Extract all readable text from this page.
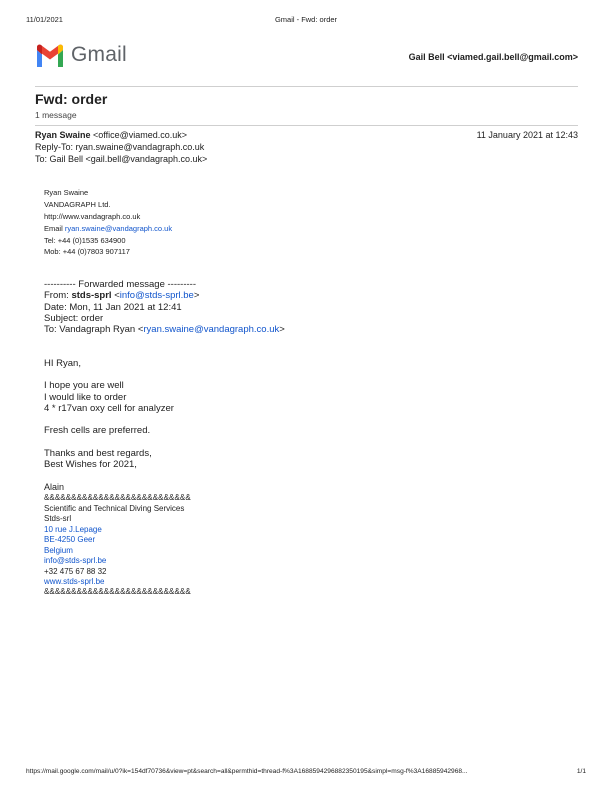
11/01/2021	Gmail - Fwd: order
Gmail	Gail Bell <viamed.gail.bell@gmail.com>
Fwd: order
1 message
Ryan Swaine <office@viamed.co.uk>	11 January 2021 at 12:43
Reply-To: ryan.swaine@vandagraph.co.uk
To: Gail Bell <gail.bell@vandagraph.co.uk>
Ryan Swaine
VANDAGRAPH Ltd.
http://www.vandagraph.co.uk
Email ryan.swaine@vandagraph.co.uk
Tel: +44 (0)1535 634900
Mob: +44 (0)7803 907117
---------- Forwarded message ---------
From: stds-sprl <info@stds-sprl.be>
Date: Mon, 11 Jan 2021 at 12:41
Subject: order
To: Vandagraph Ryan <ryan.swaine@vandagraph.co.uk>
HI Ryan,
I hope you are well
I would like to order
4 * r17van oxy cell for analyzer
Fresh cells are preferred.
Thanks and best regards,
Best Wishes for 2021,
Alain
&&&&&&&&&&&&&&&&&&&&&&&&&&&
Scientific and Technical Diving Services
Stds-srl
10 rue J.Lepage
BE-4250 Geer
Belgium
info@stds-sprl.be
+32 475 67 88 32
www.stds-sprl.be
&&&&&&&&&&&&&&&&&&&&&&&&&&&
https://mail.google.com/mail/u/0?ik=154df70736&view=pt&search=all&permthid=thread-f%3A1688594296882350195&simpl=msg-f%3A16885942968...	1/1
